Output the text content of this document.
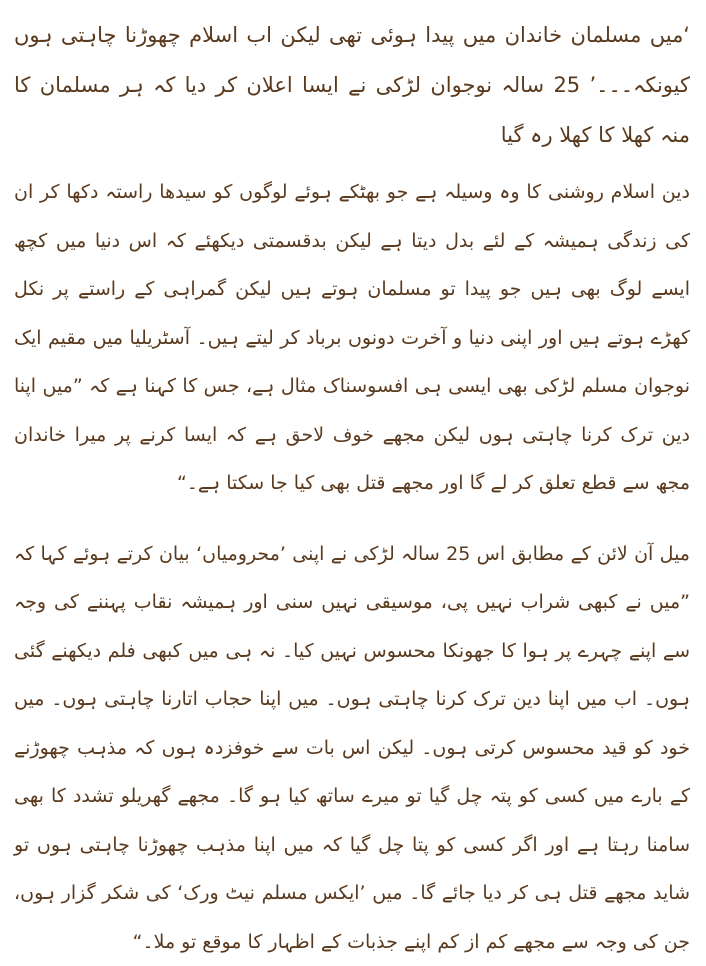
‘میں مسلمان خاندان میں پیدا ہوئی تھی لیکن اب اسلام چھوڑنا چاہتی ہوں کیونکہ۔۔۔’ 25 سالہ نوجوان لڑکی نے ایسا اعلان کر دیا کہ ہر مسلمان کا منہ کھلا کا کھلا رہ گیا

دین اسلام روشنی کا وہ وسیلہ ہے جو بھٹکے ہوئے لوگوں کو سیدھا راستہ دکھا کر ان کی زندگی ہمیشہ کے لئے بدل دیتا ہے لیکن بدقسمتی دیکھئے کہ اس دنیا میں کچھ ایسے لوگ بھی ہیں جو پیدا تو مسلمان ہوتے ہیں لیکن گمراہی کے راستے پر نکل کھڑے ہوتے ہیں اور اپنی دنیا و آخرت دونوں برباد کر لیتے ہیں۔ آسٹریلیا میں مقیم ایک نوجوان مسلم لڑکی بھی ایسی ہی افسوسناک مثال ہے، جس کا کہنا ہے کہ ”میں اپنا دین ترک کرنا چاہتی ہوں لیکن مجھے خوف لاحق ہے کہ ایسا کرنے پر میرا خاندان مجھ سے قطع تعلق کر لے گا اور مجھے قتل بھی کیا جا سکتا ہے۔“

میل آن لائن کے مطابق اس 25 سالہ لڑکی نے اپنی ’محرومیاں‘ بیان کرتے ہوئے کہا کہ ”میں نے کبھی شراب نہیں پی، موسیقی نہیں سنی اور ہمیشہ نقاب پہننے کی وجہ سے اپنے چہرے پر ہوا کا جھونکا محسوس نہیں کیا۔ نہ ہی میں کبھی فلم دیکھنے گئی ہوں۔ اب میں اپنا دین ترک کرنا چاہتی ہوں۔ میں اپنا حجاب اتارنا چاہتی ہوں۔ میں خود کو قید محسوس کرتی ہوں۔ لیکن اس بات سے خوفزدہ ہوں کہ مذہب چھوڑنے کے بارے میں کسی کو پتہ چل گیا تو میرے ساتھ کیا ہو گا۔ مجھے گھریلو تشدد کا بھی سامنا رہتا ہے اور اگر کسی کو پتا چل گیا کہ میں اپنا مذہب چھوڑنا چاہتی ہوں تو شاید مجھے قتل ہی کر دیا جائے گا۔ میں ’ایکس مسلم نیٹ ورک‘ کی شکر گزار ہوں، جن کی وجہ سے مجھے کم از کم اپنے جذبات کے اظہار کا موقع تو ملا۔“
